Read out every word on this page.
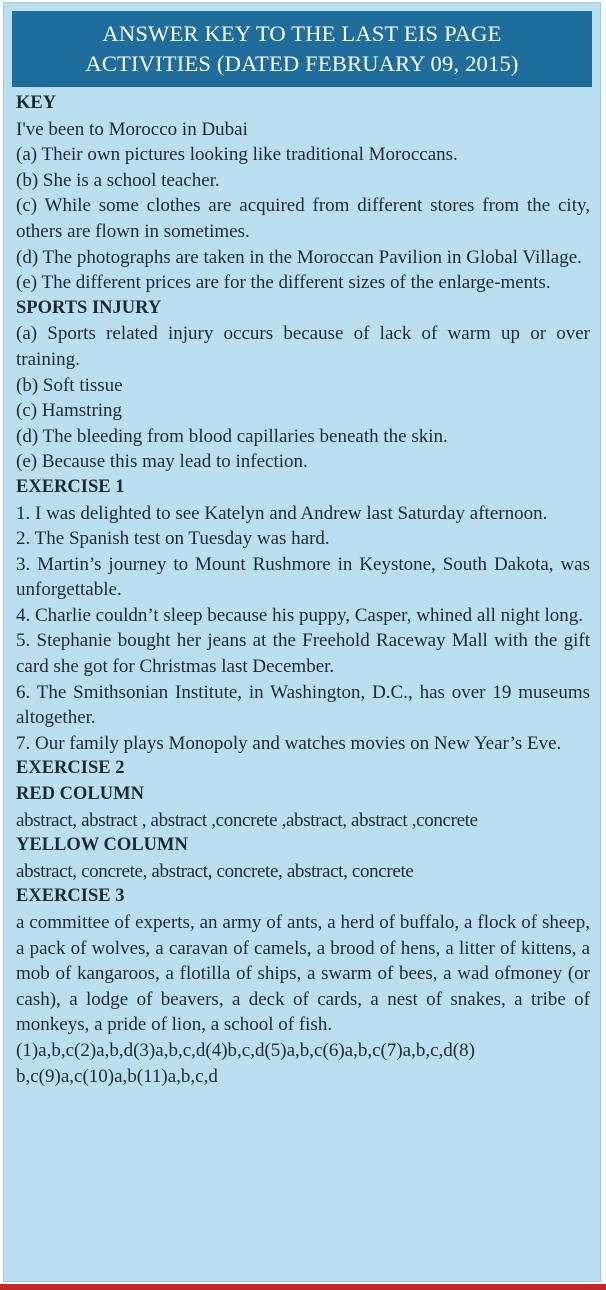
ANSWER KEY TO THE LAST EIS PAGE
ACTIVITIES (DATED FEBRUARY 09, 2015)
KEY
I've been to Morocco in Dubai
(a) Their own pictures looking like traditional Moroccans.
(b) She is a school teacher.
(c) While some clothes are acquired from different stores from the city, others are flown in sometimes.
(d) The photographs are taken in the Moroccan Pavilion in Global Village.
(e) The different prices are for the different sizes of the enlarge-ments.
SPORTS INJURY
(a) Sports related injury occurs because of lack of warm up or over training.
(b) Soft tissue
(c) Hamstring
(d) The bleeding from blood capillaries beneath the skin.
(e) Because this may lead to infection.
EXERCISE 1
1. I was delighted to see Katelyn and Andrew last Saturday afternoon.
2. The Spanish test on Tuesday was hard.
3. Martin’s journey to Mount Rushmore in Keystone, South Dakota, was unforgettable.
4. Charlie couldn’t sleep because his puppy, Casper, whined all night long.
5. Stephanie bought her jeans at the Freehold Raceway Mall with the gift card she got for Christmas last December.
6. The Smithsonian Institute, in Washington, D.C., has over 19 museums altogether.
7. Our family plays Monopoly and watches movies on New Year’s Eve.
EXERCISE 2
RED COLUMN
abstract, abstract , abstract ,concrete ,abstract, abstract ,concrete
YELLOW COLUMN
abstract, concrete, abstract, concrete, abstract, concrete
EXERCISE 3
a committee of experts, an army of ants, a herd of buffalo, a flock of sheep, a pack of wolves, a caravan of camels, a brood of hens, a litter of kittens, a mob of kangaroos, a flotilla of ships, a swarm of bees, a wad ofmoney (or cash), a lodge of beavers, a deck of cards, a nest of snakes, a tribe of monkeys, a pride of lion, a school of fish.
(1)a,b,c(2)a,b,d(3)a,b,c,d(4)b,c,d(5)a,b,c(6)a,b,c(7)a,b,c,d(8) b,c(9)a,c(10)a,b(11)a,b,c,d
